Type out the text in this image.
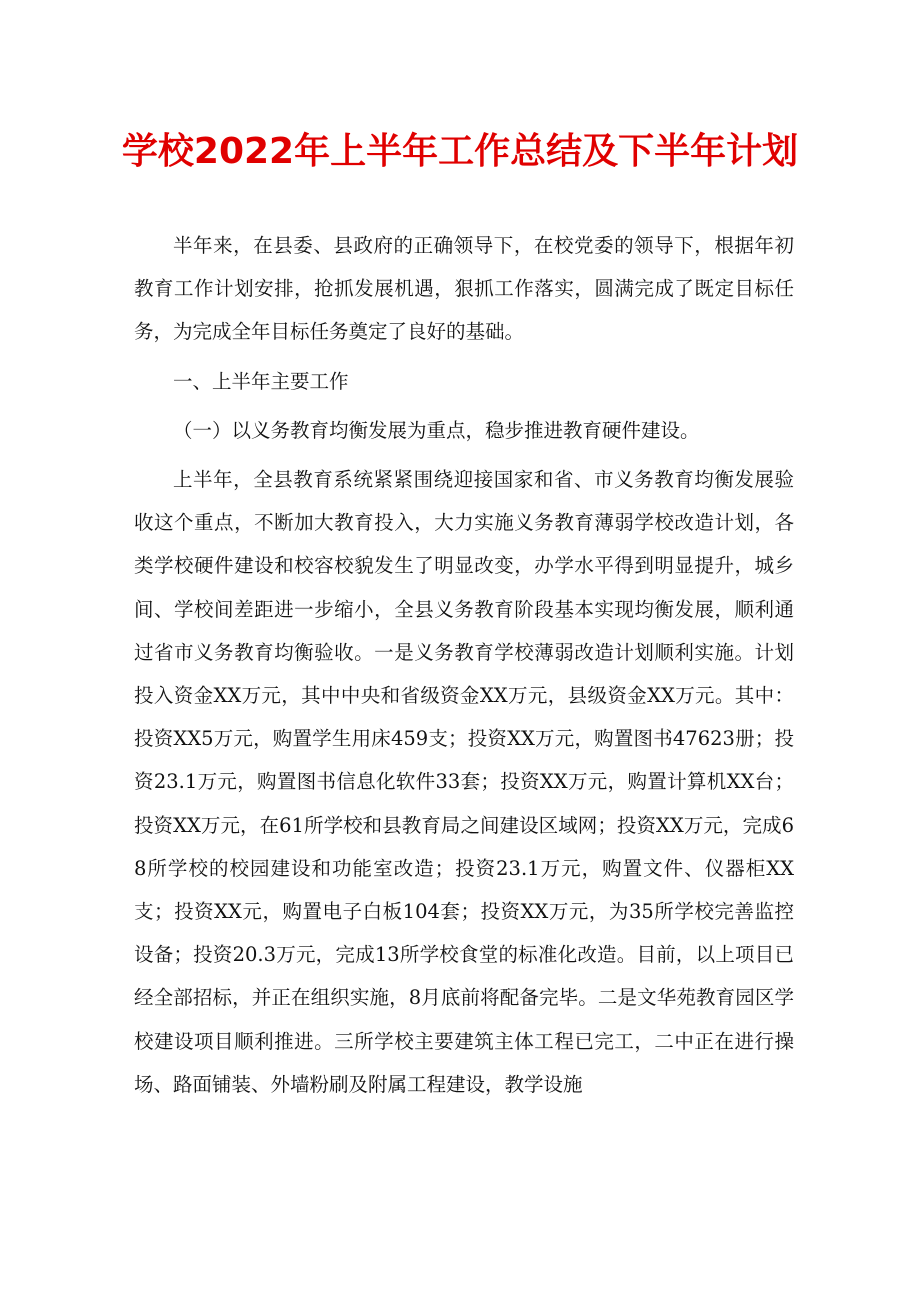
学校2022年上半年工作总结及下半年计划

半年来，在县委、县政府的正确领导下，在校党委的领导下，根据年初教育工作计划安排，抢抓发展机遇，狠抓工作落实，圆满完成了既定目标任务，为完成全年目标任务奠定了良好的基础。

一、上半年主要工作

（一）以义务教育均衡发展为重点，稳步推进教育硬件建设。

上半年，全县教育系统紧紧围绕迎接国家和省、市义务教育均衡发展验收这个重点，不断加大教育投入，大力实施义务教育薄弱学校改造计划，各类学校硬件建设和校容校貌发生了明显改变，办学水平得到明显提升，城乡间、学校间差距进一步缩小，全县义务教育阶段基本实现均衡发展，顺利通过省市义务教育均衡验收。一是义务教育学校薄弱改造计划顺利实施。计划投入资金XX万元，其中中央和省级资金XX万元，县级资金XX万元。其中：投资XX5万元，购置学生用床459支；投资XX万元，购置图书47623册；投资23.1万元，购置图书信息化软件33套；投资XX万元，购置计算机XX台；投资XX万元，在61所学校和县教育局之间建设区域网；投资XX万元，完成68所学校的校园建设和功能室改造；投资23.1万元，购置文件、仪器柜XX支；投资XX元，购置电子白板104套；投资XX万元，为35所学校完善监控设备；投资20.3万元，完成13所学校食堂的标准化改造。目前，以上项目已经全部招标，并正在组织实施，8月底前将配备完毕。二是文华苑教育园区学校建设项目顺利推进。三所学校主要建筑主体工程已完工，二中正在进行操场、路面铺装、外墙粉刷及附属工程建设，教学设施
